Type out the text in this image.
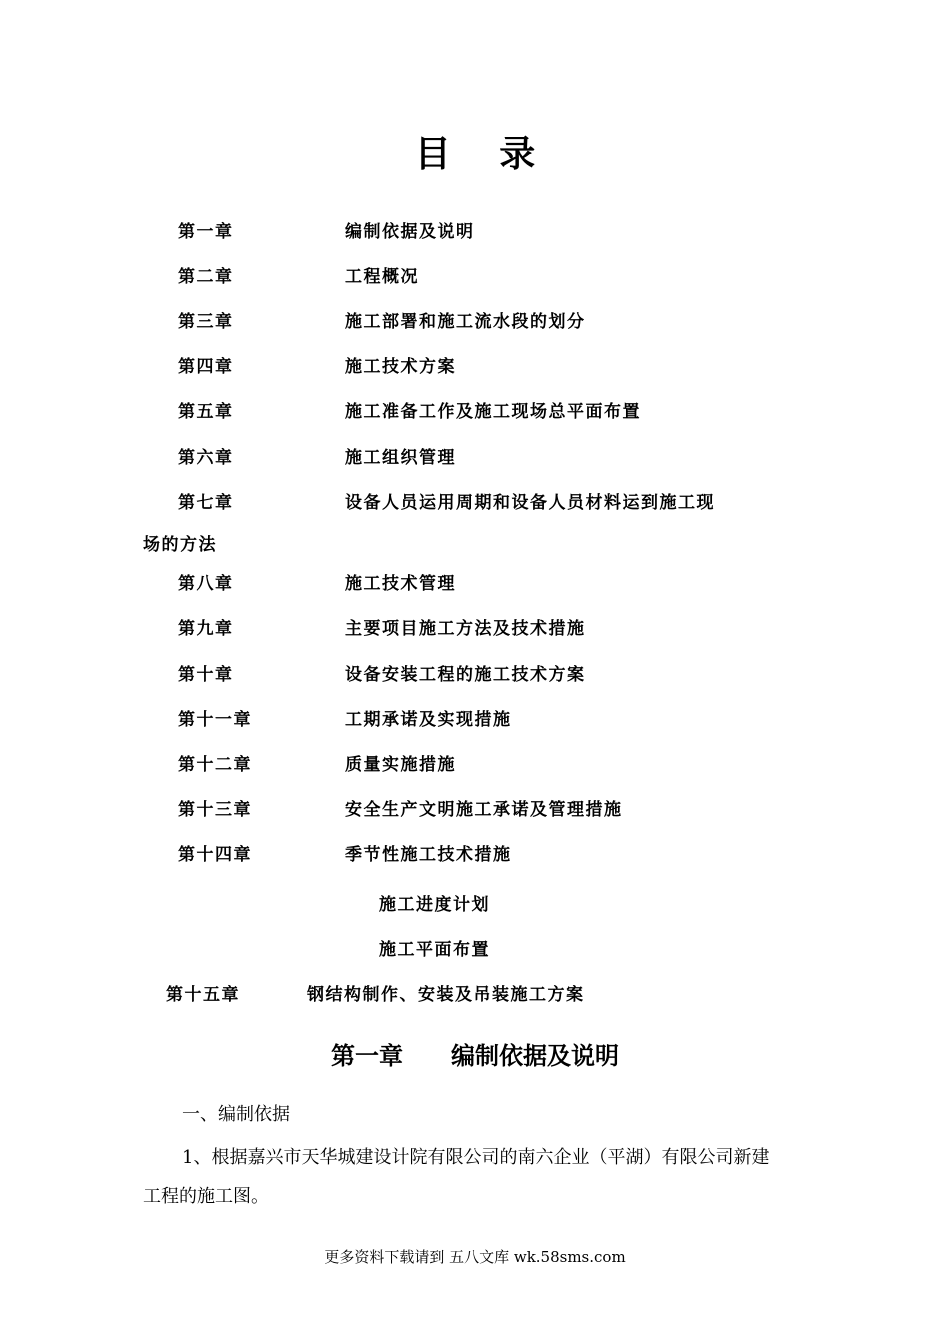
目 录
第一章	编制依据及说明
第二章	工程概况
第三章	施工部署和施工流水段的划分
第四章	施工技术方案
第五章	施工准备工作及施工现场总平面布置
第六章	施工组织管理
第七章	设备人员运用周期和设备人员材料运到施工现
场的方法
第八章	施工技术管理
第九章	主要项目施工方法及技术措施
第十章	设备安装工程的施工技术方案
第十一章	工期承诺及实现措施
第十二章	质量实施措施
第十三章	安全生产文明施工承诺及管理措施
第十四章	季节性施工技术措施
施工进度计划
施工平面布置
第十五章	钢结构制作、安装及吊装施工方案
第一章 编制依据及说明
一、编制依据
1、根据嘉兴市天华城建设计院有限公司的南六企业（平湖）有限公司新建
工程的施工图。
更多资料下载请到 五八文库 wk.58sms.com
